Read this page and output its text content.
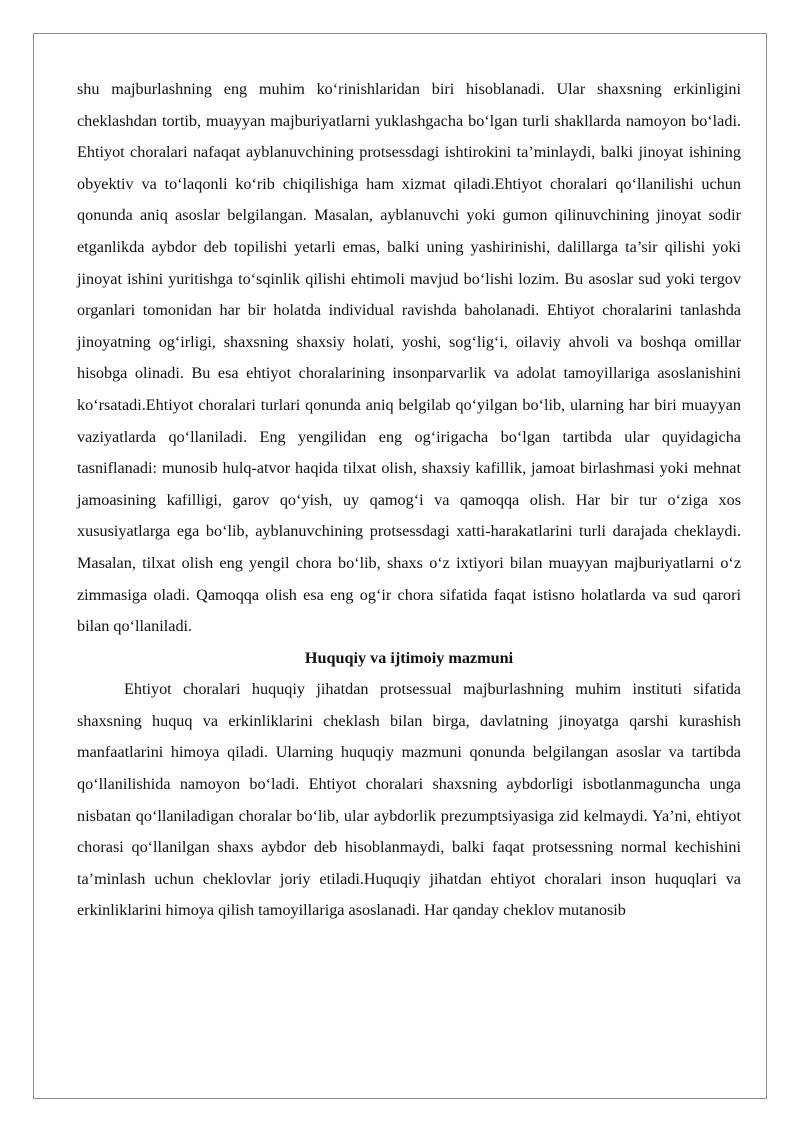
shu majburlashning eng muhim ko‘rinishlaridan biri hisoblanadi. Ular shaxsning erkinligini cheklashdan tortib, muayyan majburiyatlarni yuklashgacha bo‘lgan turli shakllarda namoyon bo‘ladi. Ehtiyot choralari nafaqat ayblanuvchining protsessdagi ishtirokini ta’minlaydi, balki jinoyat ishining obyektiv va to‘laqonli ko‘rib chiqilishiga ham xizmat qiladi.Ehtiyot choralari qo‘llanilishi uchun qonunda aniq asoslar belgilangan. Masalan, ayblanuvchi yoki gumon qilinuvchining jinoyat sodir etganlikda aybdor deb topilishi yetarli emas, balki uning yashirinishi, dalillarga ta’sir qilishi yoki jinoyat ishini yuritishga to‘sqinlik qilishi ehtimoli mavjud bo‘lishi lozim. Bu asoslar sud yoki tergov organlari tomonidan har bir holatda individual ravishda baholanadi. Ehtiyot choralarini tanlashda jinoyatning og‘irligi, shaxsning shaxsiy holati, yoshi, sog‘lig‘i, oilaviy ahvoli va boshqa omillar hisobga olinadi. Bu esa ehtiyot choralarining insonparvarlik va adolat tamoyillariga asoslanishini ko‘rsatadi.Ehtiyot choralari turlari qonunda aniq belgilab qo‘yilgan bo‘lib, ularning har biri muayyan vaziyatlarda qo‘llaniladi. Eng yengilidan eng og‘irigacha bo‘lgan tartibda ular quyidagicha tasniflanadi: munosib hulq-atvor haqida tilxat olish, shaxsiy kafillik, jamoat birlashmasi yoki mehnat jamoasining kafilligi, garov qo‘yish, uy qamog‘i va qamoqqa olish. Har bir tur o‘ziga xos xususiyatlarga ega bo‘lib, ayblanuvchining protsessdagi xatti-harakatlarini turli darajada cheklaydi. Masalan, tilxat olish eng yengil chora bo‘lib, shaxs o‘z ixtiyori bilan muayyan majburiyatlarni o‘z zimmasiga oladi. Qamoqqa olish esa eng og‘ir chora sifatida faqat istisno holatlarda va sud qarori bilan qo‘llaniladi.

Huquqiy va ijtimoiy mazmuni

Ehtiyot choralari huquqiy jihatdan protsessual majburlashning muhim instituti sifatida shaxsning huquq va erkinliklarini cheklash bilan birga, davlatning jinoyatga qarshi kurashish manfaatlarini himoya qiladi. Ularning huquqiy mazmuni qonunda belgilangan asoslar va tartibda qo‘llanilishida namoyon bo‘ladi. Ehtiyot choralari shaxsning aybdorligi isbotlanmaguncha unga nisbatan qo‘llaniladigan choralar bo‘lib, ular aybdorlik prezumptsiyasiga zid kelmaydi. Ya’ni, ehtiyot chorasi qo‘llanilgan shaxs aybdor deb hisoblanmaydi, balki faqat protsessning normal kechishini ta’minlash uchun cheklovlar joriy etiladi.Huquqiy jihatdan ehtiyot choralari inson huquqlari va erkinliklarini himoya qilish tamoyillariga asoslanadi. Har qanday cheklov mutanosib
